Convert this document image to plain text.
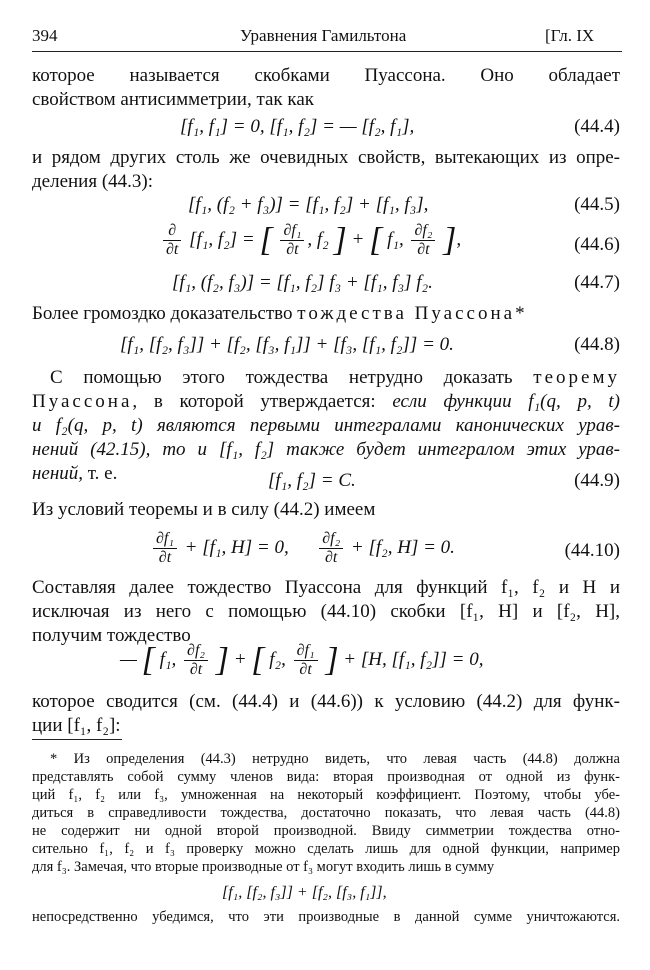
394	Уравнения Гамильтона	[Гл. IX
которое называется скобками Пуассона. Оно обладает
свойством антисимметрии, так как
[f₁, f₁] = 0, [f₁, f₂] = — [f₂, f₁],	(44.4)
и рядом других столь же очевидных свойств, вытекающих из опре-
деления (44.3):
[f₁, (f₂ + f₃)] = [f₁, f₂] + [f₁, f₃],	(44.5)
$\frac{\partial}{\partial t} [f_1$, f₂] = [ $\frac{\text{∂f₁}}{\partial t}$ , f₂ ] + [ f₁, $\frac{\text{∂f₂}}{\partial t}$ ],	(44.6)
[f₁, (f₂, f₃)] = [f₁, f₂] f₃ + [f₁, f₃] f₂.	(44.7)
Более громоздко доказательство тождества Пуассона*
[f₁, [f₂, f₃]] + [f₂, [f₃, f₁]] + [f₃, [f₁, f₂]] = 0.	(44.8)
С помощью этого тождества нетрудно доказать теорему
Пуассона, в которой утверждается: если функции f₁(q, p, t)
и f₂(q, p, t) являются первыми интегралами канонических урав-
нений (42.15), то и [f₁, f₂] также будет интегралом этих урав-
нений, т. е.	[f₁, f₂] = C.	(44.9)
Из условий теоремы и в силу (44.2) имеем
$\frac{\text{∂f₁}}{\partial t} + [f_1$, H] = 0, $\frac{\text{∂f₂}}{\partial t} + [f_2$, H] = 0.	(44.10)
Составляя далее тождество Пуассона для функций f₁, f₂ и H и
исключая из него с помощью (44.10) скобки [f₁, H] и [f₂, H],
получим тождество
— [ f₁, $\frac{\text{∂f₂}}{\partial t}$ ] + [ f₂, $\frac{\text{∂f₁}}{\partial t}$ ] + [H, [f₁, f₂]] = 0,
которое сводится (см. (44.4) и (44.6)) к условию (44.2) для функ-
ции [f₁, f₂]:
* Из определения (44.3) нетрудно видеть, что левая часть (44.8) должна
представлять собой сумму членов вида: вторая производная от одной из функ-
ций f₁, f₂ или f₃, умноженная на некоторый коэффициент. Поэтому, чтобы убе-
диться в справедливости тождества, достаточно показать, что левая часть (44.8)
не содержит ни одной второй производной. Ввиду симметрии тождества отно-
сительно f₁, f₂ и f₃ проверку можно сделать лишь для одной функции, например
для f₃. Замечая, что вторые производные от f₃ могут входить лишь в сумму
[f₁, [f₂, f₃]] + [f₂, [f₃, f₁]],
непосредственно убедимся, что эти производные в данной сумме уничтожаются.
